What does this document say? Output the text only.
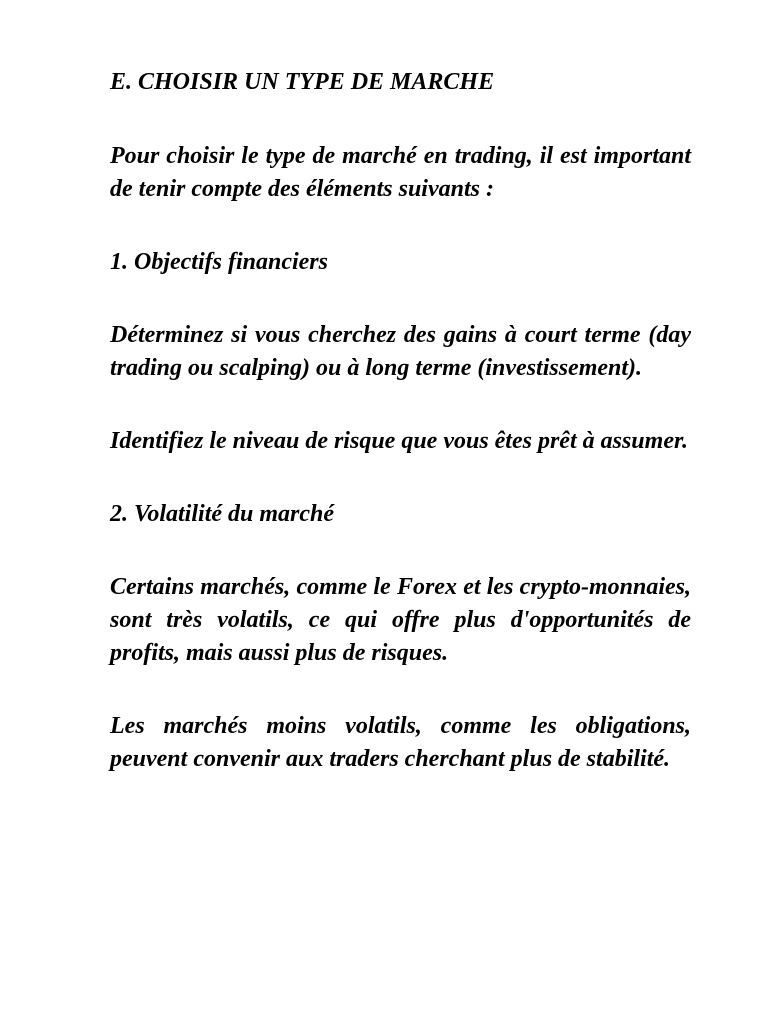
E. CHOISIR UN TYPE DE MARCHE

Pour choisir le type de marché en trading, il est important de tenir compte des éléments suivants :

1. Objectifs financiers

Déterminez si vous cherchez des gains à court terme (day trading ou scalping) ou à long terme (investissement).

Identifiez le niveau de risque que vous êtes prêt à assumer.

2. Volatilité du marché

Certains marchés, comme le Forex et les crypto-monnaies, sont très volatils, ce qui offre plus d'opportunités de profits, mais aussi plus de risques.

Les marchés moins volatils, comme les obligations, peuvent convenir aux traders cherchant plus de stabilité.
